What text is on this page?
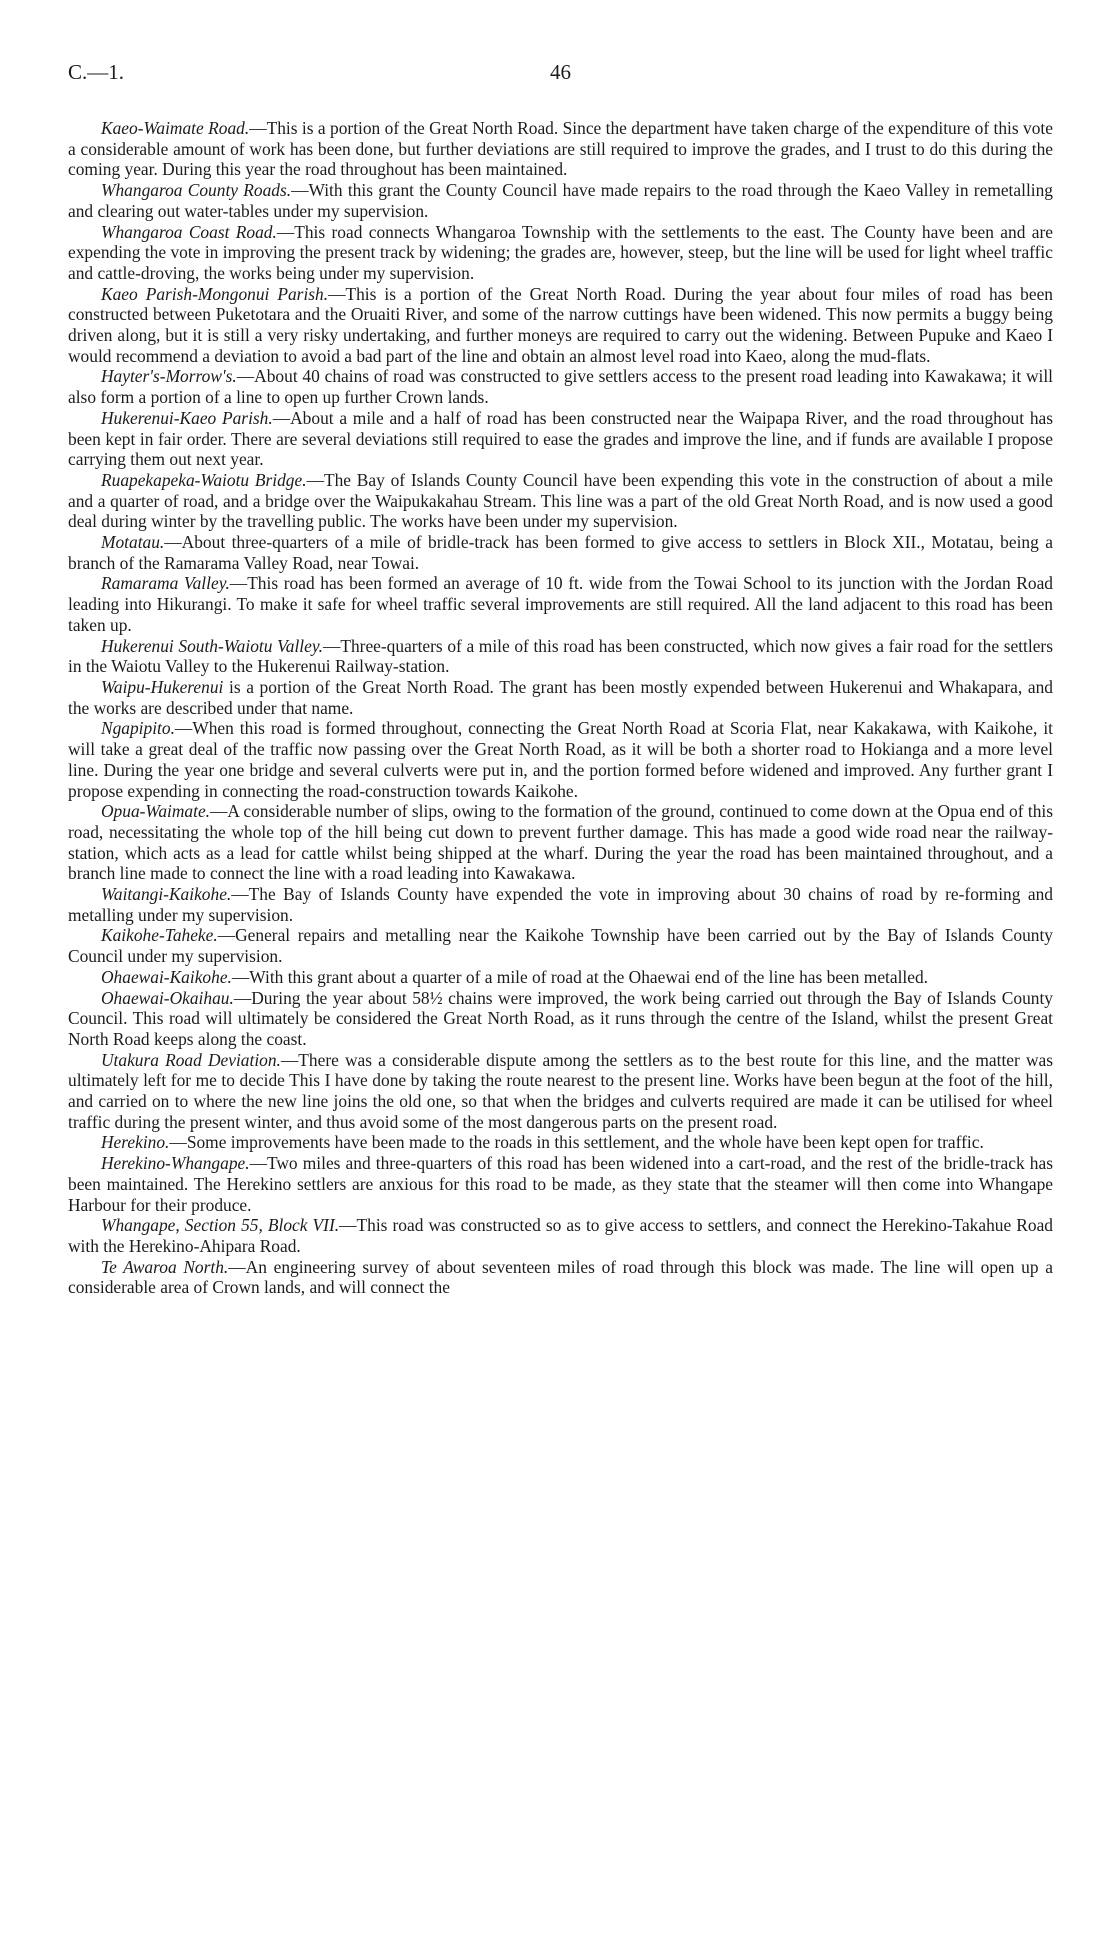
C.—1.	46

Kaeo-Waimate Road.—This is a portion of the Great North Road. Since the department have taken charge of the expenditure of this vote a considerable amount of work has been done, but further deviations are still required to improve the grades, and I trust to do this during the coming year. During this year the road throughout has been maintained.

Whangaroa County Roads.—With this grant the County Council have made repairs to the road through the Kaeo Valley in remetalling and clearing out water-tables under my supervision.

Whangaroa Coast Road.—This road connects Whangaroa Township with the settlements to the east. The County have been and are expending the vote in improving the present track by widening; the grades are, however, steep, but the line will be used for light wheel traffic and cattle-droving, the works being under my supervision.

Kaeo Parish-Mongonui Parish.—This is a portion of the Great North Road. During the year about four miles of road has been constructed between Puketotara and the Oruaiti River, and some of the narrow cuttings have been widened. This now permits a buggy being driven along, but it is still a very risky undertaking, and further moneys are required to carry out the widening. Between Pupuke and Kaeo I would recommend a deviation to avoid a bad part of the line and obtain an almost level road into Kaeo, along the mud-flats.

Hayter's-Morrow's.—About 40 chains of road was constructed to give settlers access to the present road leading into Kawakawa; it will also form a portion of a line to open up further Crown lands.

Hukerenui-Kaeo Parish.—About a mile and a half of road has been constructed near the Waipapa River, and the road throughout has been kept in fair order. There are several deviations still required to ease the grades and improve the line, and if funds are available I propose carrying them out next year.

Ruapekapeka-Waiotu Bridge.—The Bay of Islands County Council have been expending this vote in the construction of about a mile and a quarter of road, and a bridge over the Waipukakahau Stream. This line was a part of the old Great North Road, and is now used a good deal during winter by the travelling public. The works have been under my supervision.

Motatau.—About three-quarters of a mile of bridle-track has been formed to give access to settlers in Block XII., Motatau, being a branch of the Ramarama Valley Road, near Towai.

Ramarama Valley.—This road has been formed an average of 10 ft. wide from the Towai School to its junction with the Jordan Road leading into Hikurangi. To make it safe for wheel traffic several improvements are still required. All the land adjacent to this road has been taken up.

Hukerenui South-Waiotu Valley.—Three-quarters of a mile of this road has been constructed, which now gives a fair road for the settlers in the Waiotu Valley to the Hukerenui Railway-station.

Waipu-Hukerenui is a portion of the Great North Road. The grant has been mostly expended between Hukerenui and Whakapara, and the works are described under that name.

Ngapipito.—When this road is formed throughout, connecting the Great North Road at Scoria Flat, near Kakakawa, with Kaikohe, it will take a great deal of the traffic now passing over the Great North Road, as it will be both a shorter road to Hokianga and a more level line. During the year one bridge and several culverts were put in, and the portion formed before widened and improved. Any further grant I propose expending in connecting the road-construction towards Kaikohe.

Opua-Waimate.—A considerable number of slips, owing to the formation of the ground, continued to come down at the Opua end of this road, necessitating the whole top of the hill being cut down to prevent further damage. This has made a good wide road near the railway-station, which acts as a lead for cattle whilst being shipped at the wharf. During the year the road has been maintained throughout, and a branch line made to connect the line with a road leading into Kawakawa.

Waitangi-Kaikohe.—The Bay of Islands County have expended the vote in improving about 30 chains of road by re-forming and metalling under my supervision.

Kaikohe-Taheke.—General repairs and metalling near the Kaikohe Township have been carried out by the Bay of Islands County Council under my supervision.

Ohaewai-Kaikohe.—With this grant about a quarter of a mile of road at the Ohaewai end of the line has been metalled.

Ohaewai-Okaihau.—During the year about 58½ chains were improved, the work being carried out through the Bay of Islands County Council. This road will ultimately be considered the Great North Road, as it runs through the centre of the Island, whilst the present Great North Road keeps along the coast.

Utakura Road Deviation.—There was a considerable dispute among the settlers as to the best route for this line, and the matter was ultimately left for me to decide This I have done by taking the route nearest to the present line. Works have been begun at the foot of the hill, and carried on to where the new line joins the old one, so that when the bridges and culverts required are made it can be utilised for wheel traffic during the present winter, and thus avoid some of the most dangerous parts on the present road.

Herekino.—Some improvements have been made to the roads in this settlement, and the whole have been kept open for traffic.

Herekino-Whangape.—Two miles and three-quarters of this road has been widened into a cart-road, and the rest of the bridle-track has been maintained. The Herekino settlers are anxious for this road to be made, as they state that the steamer will then come into Whangape Harbour for their produce.

Whangape, Section 55, Block VII.—This road was constructed so as to give access to settlers, and connect the Herekino-Takahue Road with the Herekino-Ahipara Road.

Te Awaroa North.—An engineering survey of about seventeen miles of road through this block was made. The line will open up a considerable area of Crown lands, and will connect the
